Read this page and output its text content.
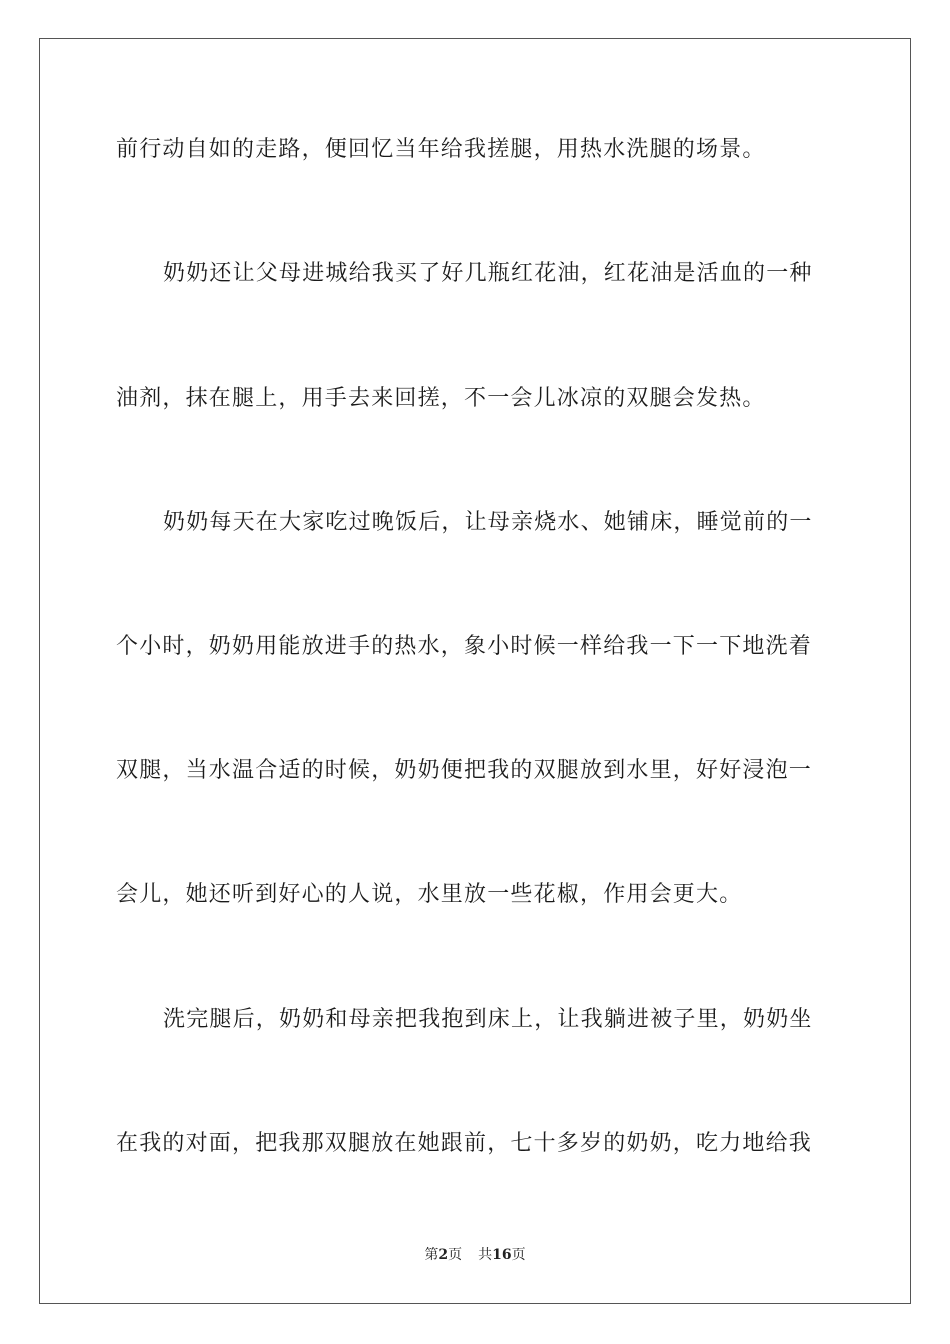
前行动自如的走路，便回忆当年给我搓腿，用热水洗腿的场景。
奶奶还让父母进城给我买了好几瓶红花油，红花油是活血的一种
油剂，抹在腿上，用手去来回搓，不一会儿冰凉的双腿会发热。
奶奶每天在大家吃过晚饭后，让母亲烧水、她铺床，睡觉前的一
个小时，奶奶用能放进手的热水，象小时候一样给我一下一下地洗着
双腿，当水温合适的时候，奶奶便把我的双腿放到水里，好好浸泡一
会儿，她还听到好心的人说，水里放一些花椒，作用会更大。
洗完腿后，奶奶和母亲把我抱到床上，让我躺进被子里，奶奶坐
在我的对面，把我那双腿放在她跟前，七十多岁的奶奶，吃力地给我
第2页 共16页
